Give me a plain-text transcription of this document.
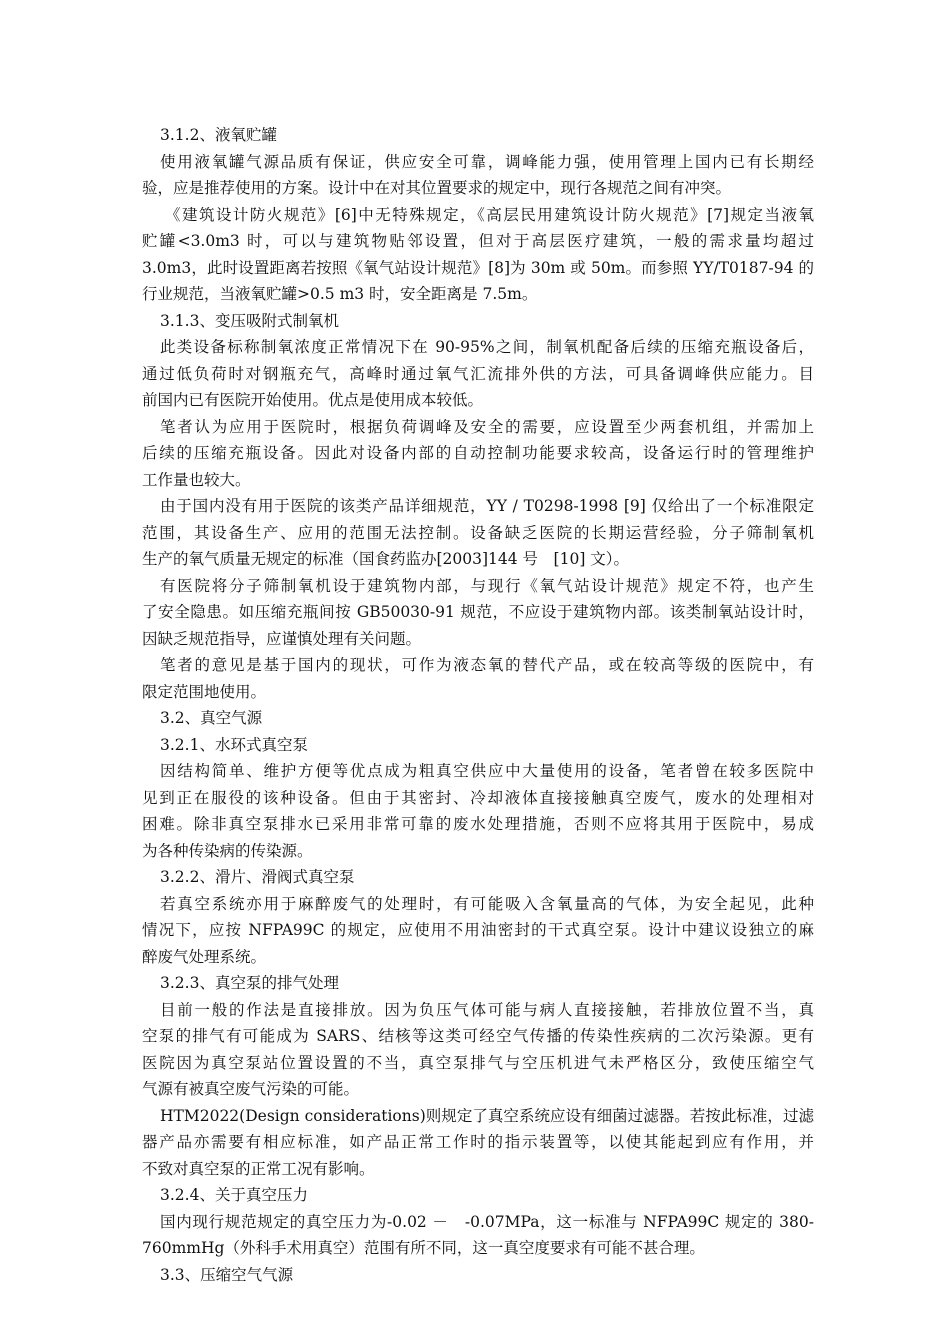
3.1.2、液氧贮罐
使用液氧罐气源品质有保证，供应安全可靠，调峰能力强，使用管理上国内已有长期经
验，应是推荐使用的方案。设计中在对其位置要求的规定中，现行各规范之间有冲突。
《建筑设计防火规范》[6]中无特殊规定，《高层民用建筑设计防火规范》[7]规定当液氧
贮罐<3.0m3 时，可以与建筑物贴邻设置，但对于高层医疗建筑，一般的需求量均超过
3.0m3，此时设置距离若按照《氧气站设计规范》[8]为 30m 或 50m。而参照 YY/T0187-94 的
行业规范，当液氧贮罐>0.5 m3 时，安全距离是 7.5m。
3.1.3、变压吸附式制氧机
此类设备标称制氧浓度正常情况下在 90-95%之间，制氧机配备后续的压缩充瓶设备后，
通过低负荷时对钢瓶充气，高峰时通过氧气汇流排外供的方法，可具备调峰供应能力。目
前国内已有医院开始使用。优点是使用成本较低。
笔者认为应用于医院时，根据负荷调峰及安全的需要，应设置至少两套机组，并需加上
后续的压缩充瓶设备。因此对设备内部的自动控制功能要求较高，设备运行时的管理维护
工作量也较大。
由于国内没有用于医院的该类产品详细规范，YY / T0298-1998 [9] 仅给出了一个标准限定
范围，其设备生产、应用的范围无法控制。设备缺乏医院的长期运营经验，分子筛制氧机
生产的氧气质量无规定的标准（国食药监办[2003]144 号　[10] 文）。
有医院将分子筛制氧机设于建筑物内部，与现行《氧气站设计规范》规定不符，也产生
了安全隐患。如压缩充瓶间按 GB50030-91 规范，不应设于建筑物内部。该类制氧站设计时，
因缺乏规范指导，应谨慎处理有关问题。
笔者的意见是基于国内的现状，可作为液态氧的替代产品，或在较高等级的医院中，有
限定范围地使用。
3.2、真空气源
3.2.1、水环式真空泵
因结构简单、维护方便等优点成为粗真空供应中大量使用的设备，笔者曾在较多医院中
见到正在服役的该种设备。但由于其密封、冷却液体直接接触真空废气，废水的处理相对
困难。除非真空泵排水已采用非常可靠的废水处理措施，否则不应将其用于医院中，易成
为各种传染病的传染源。
3.2.2、滑片、滑阀式真空泵
若真空系统亦用于麻醉废气的处理时，有可能吸入含氧量高的气体，为安全起见，此种
情况下，应按 NFPA99C 的规定，应使用不用油密封的干式真空泵。设计中建议设独立的麻
醉废气处理系统。
3.2.3、真空泵的排气处理
目前一般的作法是直接排放。因为负压气体可能与病人直接接触，若排放位置不当，真
空泵的排气有可能成为 SARS、结核等这类可经空气传播的传染性疾病的二次污染源。更有
医院因为真空泵站位置设置的不当，真空泵排气与空压机进气未严格区分，致使压缩空气
气源有被真空废气污染的可能。
HTM2022(Design considerations)则规定了真空系统应设有细菌过滤器。若按此标准，过滤
器产品亦需要有相应标准，如产品正常工作时的指示装置等，以使其能起到应有作用，并
不致对真空泵的正常工况有影响。
3.2.4、关于真空压力
国内现行规范规定的真空压力为-0.02 －　-0.07MPa，这一标准与 NFPA99C 规定的 380-
760mmHg（外科手术用真空）范围有所不同，这一真空度要求有可能不甚合理。
3.3、压缩空气气源
